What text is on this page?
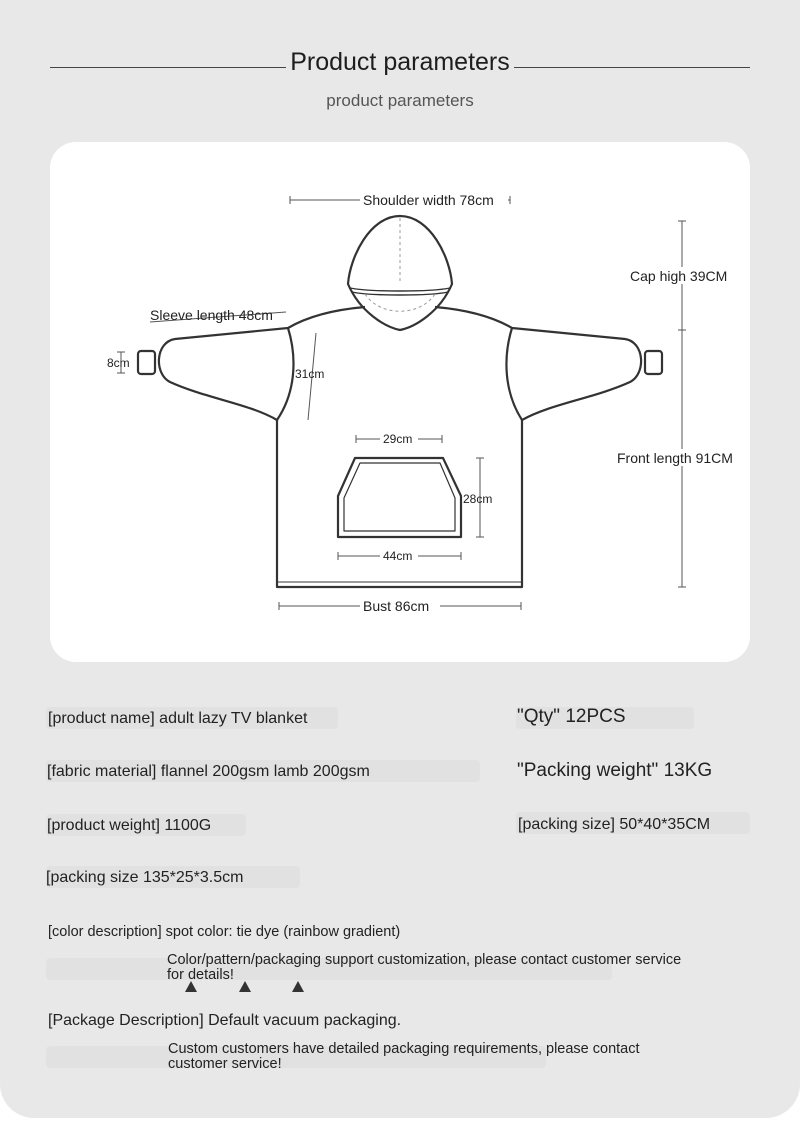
Product parameters
product parameters
Shoulder width 78cm
Cap high 39CM
Sleeve length 48cm
8cm
31cm
29cm
28cm
44cm
Front length 91CM
Bust 86cm
[product name] adult lazy TV blanket
[fabric material] flannel 200gsm lamb 200gsm
[product weight] 1100G
[packing size 135*25*3.5cm
"Qty" 12PCS
"Packing weight" 13KG
[packing size] 50*40*35CM
[color description] spot color: tie dye (rainbow gradient)
Color/pattern/packaging support customization, please contact customer service for details!
[Package Description] Default vacuum packaging.
Custom customers have detailed packaging requirements, please contact customer service!
